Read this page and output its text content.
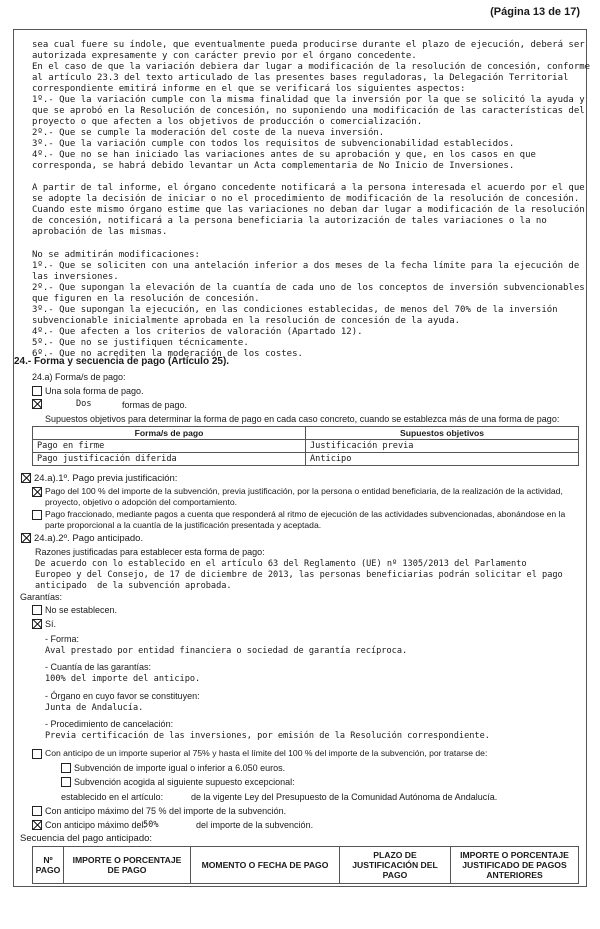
(Página 13 de 17)
sea cual fuere su índole, que eventualmente pueda producirse durante el plazo de ejecución, deberá ser
autorizada expresamente y con carácter previo por el órgano concedente.
En el caso de que la variación debiera dar lugar a modificación de la resolución de concesión, conforme
al artículo 23.3 del texto articulado de las presentes bases reguladoras, la Delegación Territorial
correspondiente emitirá informe en el que se verificará los siguientes aspectos:
1º.- Que la variación cumple con la misma finalidad que la inversión por la que se solicitó la ayuda y
que se aprobó en la Resolución de concesión, no suponiendo una modificación de las características del
proyecto o que afecten a los objetivos de producción o comercialización.
2º.- Que se cumple la moderación del coste de la nueva inversión.
3º.- Que la variación cumple con todos los requisitos de subvencionabilidad establecidos.
4º.- Que no se han iniciado las variaciones antes de su aprobación y que, en los casos en que
corresponda, se habrá debido levantar un Acta complementaria de No Inicio de Inversiones.
A partir de tal informe, el órgano concedente notificará a la persona interesada el acuerdo por el que
se adopte la decisión de iniciar o no el procedimiento de modificación de la resolución de concesión.
Cuando este mismo órgano estime que las variaciones no deban dar lugar a modificación de la resolución
de concesión, notificará a la persona beneficiaria la autorización de tales variaciones o la no
aprobación de las mismas.
No se admitirán modificaciones:
1º.- Que se soliciten con una antelación inferior a dos meses de la fecha límite para la ejecución de
las inversiones.
2º.- Que supongan la elevación de la cuantía de cada uno de los conceptos de inversión subvencionables
que figuren en la resolución de concesión.
3º.- Que supongan la ejecución, en las condiciones establecidas, de menos del 70% de la inversión
subvencionable inicialmente aprobada en la resolución de concesión de la ayuda.
4º.- Que afecten a los criterios de valoración (Apartado 12).
5º.- Que no se justifiquen técnicamente.
6º.- Que no acrediten la moderación de los costes.
24.- Forma y secuencia de pago (Artículo 25).
24.a) Forma/s de pago:
Una sola forma de pago.
Dos	formas de pago.
Supuestos objetivos para determinar la forma de pago en cada caso concreto, cuando se establezca más de una forma de pago:
Forma/s de pago	Supuestos objetivos
Pago en firme	Justificación previa
Pago justificación diferida	Anticipo
24.a).1º. Pago previa justificación:
Pago del 100 % del importe de la subvención, previa justificación, por la persona o entidad beneficiaria, de la realización de la actividad,
proyecto, objetivo o adopción del comportamiento.
Pago fraccionado, mediante pagos a cuenta que responderá al ritmo de ejecución de las actividades subvencionadas, abonándose en la
parte proporcional a la cuantía de la justificación presentada y aceptada.
24.a).2º. Pago anticipado.
Razones justificadas para establecer esta forma de pago:
De acuerdo con lo establecido en el artículo 63 del Reglamento (UE) nº 1305/2013 del Parlamento
Europeo y del Consejo, de 17 de diciembre de 2013, las personas beneficiarias podrán solicitar el pago
anticipado  de la subvención aprobada.
Garantías:
No se establecen.
Sí.
- Forma:
Aval prestado por entidad financiera o sociedad de garantía recíproca.
- Cuantía de las garantías:
100% del importe del anticipo.
- Órgano en cuyo favor se constituyen:
Junta de Andalucía.
- Procedimiento de cancelación:
Previa certificación de las inversiones, por emisión de la Resolución correspondiente.
Con anticipo de un importe superior al 75% y hasta el límite del 100 % del importe de la subvención, por tratarse de:
Subvención de importe igual o inferior a 6.050 euros.
Subvención acogida al siguiente supuesto excepcional:
establecido en el artículo:	de la vigente Ley del Presupuesto de la Comunidad Autónoma de Andalucía.
Con anticipo máximo del 75 % del importe de la subvención.
Con anticipo máximo del:
50%	del importe de la subvención.
Secuencia del pago anticipado:
Nº PAGO	IMPORTE O PORCENTAJE DE PAGO	MOMENTO O FECHA DE PAGO	PLAZO DE JUSTIFICACIÓN DEL PAGO	IMPORTE O PORCENTAJE JUSTIFICADO DE PAGOS ANTERIORES
